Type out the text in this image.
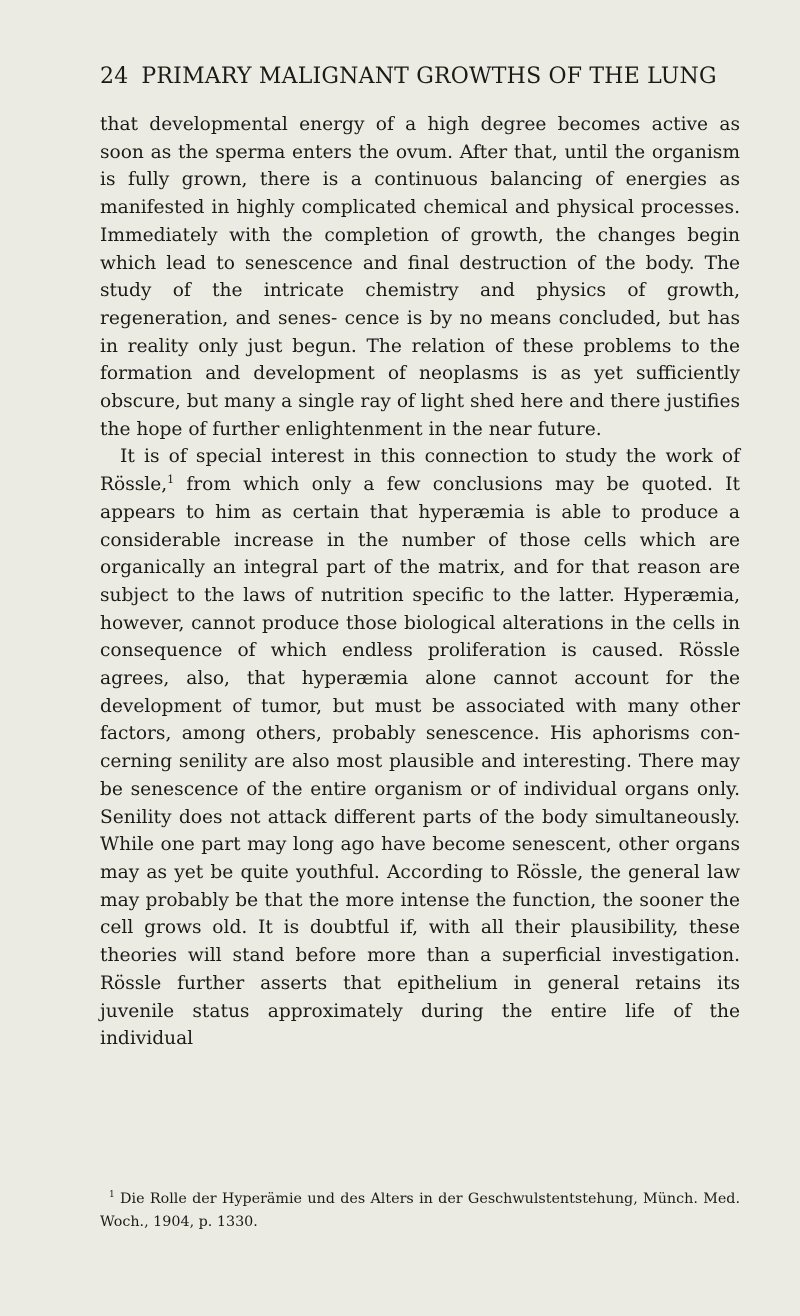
24 PRIMARY MALIGNANT GROWTHS OF THE LUNG

that developmental energy of a high degree becomes active as soon as the sperma enters the ovum. After that, until the organism is fully grown, there is a continuous balancing of energies as manifested in highly complicated chemical and physical processes. Immediately with the completion of growth, the changes begin which lead to senescence and final destruction of the body. The study of the intricate chemistry and physics of growth, regeneration, and senes- cence is by no means concluded, but has in reality only just begun. The relation of these problems to the formation and development of neoplasms is as yet sufficiently obscure, but many a single ray of light shed here and there justifies the hope of further enlightenment in the near future.

It is of special interest in this connection to study the work of Rössle,$^1$ from which only a few conclusions may be quoted. It appears to him as certain that hyperæmia is able to produce a considerable increase in the number of those cells which are organically an integral part of the matrix, and for that reason are subject to the laws of nutrition specific to the latter. Hyperæmia, however, cannot produce those biological alterations in the cells in consequence of which endless proliferation is caused. Rössle agrees, also, that hyperæmia alone cannot account for the development of tumor, but must be associated with many other factors, among others, probably senescence. His aphorisms con- cerning senility are also most plausible and interesting. There may be senescence of the entire organism or of individual organs only. Senility does not attack different parts of the body simultaneously. While one part may long ago have become senescent, other organs may as yet be quite youthful. According to Rössle, the general law may probably be that the more intense the function, the sooner the cell grows old. It is doubtful if, with all their plausibility, these theories will stand before more than a superficial investigation. Rössle further asserts that epithelium in general retains its juvenile status approximately during the entire life of the individual

$^1$ Die Rolle der Hyperämie und des Alters in der Geschwulstentstehung, Münch. Med. Woch., 1904, p. 1330.
